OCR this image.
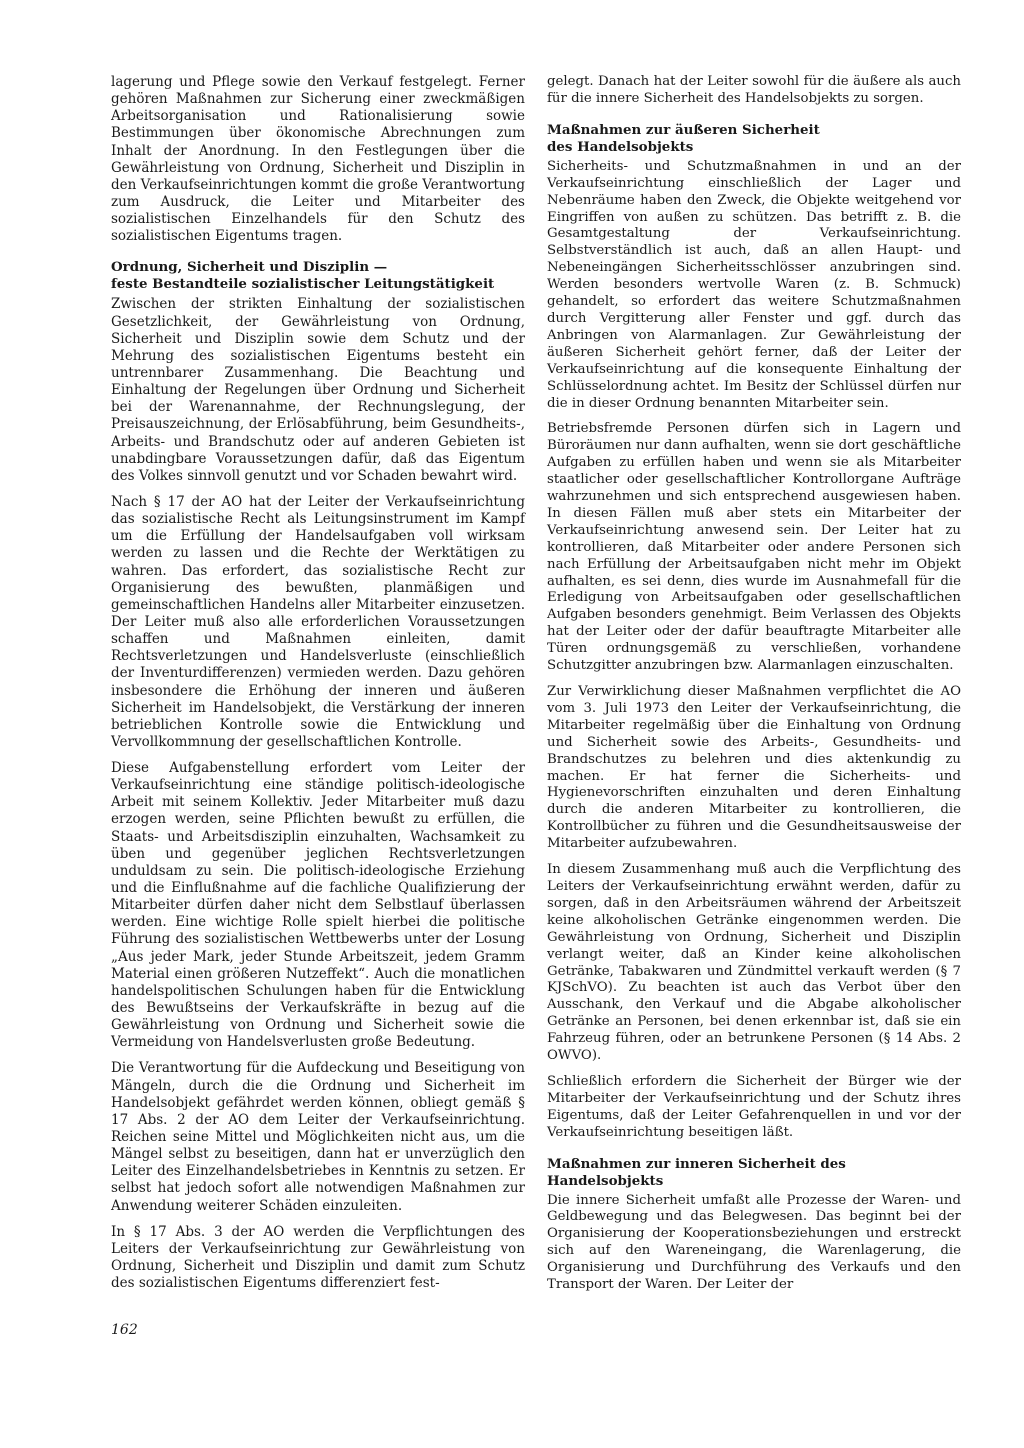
lagerung und Pflege sowie den Verkauf festgelegt. Ferner gehören Maßnahmen zur Sicherung einer zweckmäßigen Arbeitsorganisation und Rationalisierung sowie Bestimmungen über ökonomische Abrechnungen zum Inhalt der Anordnung. In den Festlegungen über die Gewährleistung von Ordnung, Sicherheit und Disziplin in den Verkaufseinrichtungen kommt die große Verantwortung zum Ausdruck, die Leiter und Mitarbeiter des sozialistischen Einzelhandels für den Schutz des sozialistischen Eigentums tragen.

Ordnung, Sicherheit und Disziplin —
feste Bestandteile sozialistischer Leitungstätigkeit

Zwischen der strikten Einhaltung der sozialistischen Gesetzlichkeit, der Gewährleistung von Ordnung, Sicherheit und Disziplin sowie dem Schutz und der Mehrung des sozialistischen Eigentums besteht ein untrennbarer Zusammenhang. Die Beachtung und Einhaltung der Regelungen über Ordnung und Sicherheit bei der Warenannahme, der Rechnungslegung, der Preisauszeichnung, der Erlösabführung, beim Gesundheits-, Arbeits- und Brandschutz oder auf anderen Gebieten ist unabdingbare Voraussetzungen dafür, daß das Eigentum des Volkes sinnvoll genutzt und vor Schaden bewahrt wird.

Nach § 17 der AO hat der Leiter der Verkaufseinrichtung das sozialistische Recht als Leitungsinstrument im Kampf um die Erfüllung der Handelsaufgaben voll wirksam werden zu lassen und die Rechte der Werktätigen zu wahren. Das erfordert, das sozialistische Recht zur Organisierung des bewußten, planmäßigen und gemeinschaftlichen Handelns aller Mitarbeiter einzusetzen. Der Leiter muß also alle erforderlichen Voraussetzungen schaffen und Maßnahmen einleiten, damit Rechtsverletzungen und Handelsverluste (einschließlich der Inventurdifferenzen) vermieden werden. Dazu gehören insbesondere die Erhöhung der inneren und äußeren Sicherheit im Handelsobjekt, die Verstärkung der inneren betrieblichen Kontrolle sowie die Entwicklung und Vervollkommnung der gesellschaftlichen Kontrolle.

Diese Aufgabenstellung erfordert vom Leiter der Verkaufseinrichtung eine ständige politisch-ideologische Arbeit mit seinem Kollektiv. Jeder Mitarbeiter muß dazu erzogen werden, seine Pflichten bewußt zu erfüllen, die Staats- und Arbeitsdisziplin einzuhalten, Wachsamkeit zu üben und gegenüber jeglichen Rechtsverletzungen unduldsam zu sein. Die politisch-ideologische Erziehung und die Einflußnahme auf die fachliche Qualifizierung der Mitarbeiter dürfen daher nicht dem Selbstlauf überlassen werden. Eine wichtige Rolle spielt hierbei die politische Führung des sozialistischen Wettbewerbs unter der Losung „Aus jeder Mark, jeder Stunde Arbeitszeit, jedem Gramm Material einen größeren Nutzeffekt“. Auch die monatlichen handelspolitischen Schulungen haben für die Entwicklung des Bewußtseins der Verkaufskräfte in bezug auf die Gewährleistung von Ordnung und Sicherheit sowie die Vermeidung von Handelsverlusten große Bedeutung.

Die Verantwortung für die Aufdeckung und Beseitigung von Mängeln, durch die die Ordnung und Sicherheit im Handelsobjekt gefährdet werden können, obliegt gemäß § 17 Abs. 2 der AO dem Leiter der Verkaufseinrichtung. Reichen seine Mittel und Möglichkeiten nicht aus, um die Mängel selbst zu beseitigen, dann hat er unverzüglich den Leiter des Einzelhandelsbetriebes in Kenntnis zu setzen. Er selbst hat jedoch sofort alle notwendigen Maßnahmen zur Anwendung weiterer Schäden einzuleiten.

In § 17 Abs. 3 der AO werden die Verpflichtungen des Leiters der Verkaufseinrichtung zur Gewährleistung von Ordnung, Sicherheit und Disziplin und damit zum Schutz des sozialistischen Eigentums differenziert fest-

gelegt. Danach hat der Leiter sowohl für die äußere als auch für die innere Sicherheit des Handelsobjekts zu sorgen.

Maßnahmen zur äußeren Sicherheit
des Handelsobjekts

Sicherheits- und Schutzmaßnahmen in und an der Verkaufseinrichtung einschließlich der Lager und Nebenräume haben den Zweck, die Objekte weitgehend vor Eingriffen von außen zu schützen. Das betrifft z. B. die Gesamtgestaltung der Verkaufseinrichtung. Selbstverständlich ist auch, daß an allen Haupt- und Nebeneingängen Sicherheitsschlösser anzubringen sind. Werden besonders wertvolle Waren (z. B. Schmuck) gehandelt, so erfordert das weitere Schutzmaßnahmen durch Vergitterung aller Fenster und ggf. durch das Anbringen von Alarmanlagen. Zur Gewährleistung der äußeren Sicherheit gehört ferner, daß der Leiter der Verkaufseinrichtung auf die konsequente Einhaltung der Schlüsselordnung achtet. Im Besitz der Schlüssel dürfen nur die in dieser Ordnung benannten Mitarbeiter sein.

Betriebsfremde Personen dürfen sich in Lagern und Büroräumen nur dann aufhalten, wenn sie dort geschäftliche Aufgaben zu erfüllen haben und wenn sie als Mitarbeiter staatlicher oder gesellschaftlicher Kontrollorgane Aufträge wahrzunehmen und sich entsprechend ausgewiesen haben. In diesen Fällen muß aber stets ein Mitarbeiter der Verkaufseinrichtung anwesend sein. Der Leiter hat zu kontrollieren, daß Mitarbeiter oder andere Personen sich nach Erfüllung der Arbeitsaufgaben nicht mehr im Objekt aufhalten, es sei denn, dies wurde im Ausnahmefall für die Erledigung von Arbeitsaufgaben oder gesellschaftlichen Aufgaben besonders genehmigt. Beim Verlassen des Objekts hat der Leiter oder der dafür beauftragte Mitarbeiter alle Türen ordnungsgemäß zu verschließen, vorhandene Schutzgitter anzubringen bzw. Alarmanlagen einzuschalten.

Zur Verwirklichung dieser Maßnahmen verpflichtet die AO vom 3. Juli 1973 den Leiter der Verkaufseinrichtung, die Mitarbeiter regelmäßig über die Einhaltung von Ordnung und Sicherheit sowie des Arbeits-, Gesundheits- und Brandschutzes zu belehren und dies aktenkundig zu machen. Er hat ferner die Sicherheits- und Hygienevorschriften einzuhalten und deren Einhaltung durch die anderen Mitarbeiter zu kontrollieren, die Kontrollbücher zu führen und die Gesundheitsausweise der Mitarbeiter aufzubewahren.

In diesem Zusammenhang muß auch die Verpflichtung des Leiters der Verkaufseinrichtung erwähnt werden, dafür zu sorgen, daß in den Arbeitsräumen während der Arbeitszeit keine alkoholischen Getränke eingenommen werden. Die Gewährleistung von Ordnung, Sicherheit und Disziplin verlangt weiter, daß an Kinder keine alkoholischen Getränke, Tabakwaren und Zündmittel verkauft werden (§ 7 KJSchVO). Zu beachten ist auch das Verbot über den Ausschank, den Verkauf und die Abgabe alkoholischer Getränke an Personen, bei denen erkennbar ist, daß sie ein Fahrzeug führen, oder an betrunkene Personen (§ 14 Abs. 2 OWVO).

Schließlich erfordern die Sicherheit der Bürger wie der Mitarbeiter der Verkaufseinrichtung und der Schutz ihres Eigentums, daß der Leiter Gefahrenquellen in und vor der Verkaufseinrichtung beseitigen läßt.

Maßnahmen zur inneren Sicherheit des Handelsobjekts

Die innere Sicherheit umfaßt alle Prozesse der Waren- und Geldbewegung und das Belegwesen. Das beginnt bei der Organisierung der Kooperationsbeziehungen und erstreckt sich auf den Wareneingang, die Warenlagerung, die Organisierung und Durchführung des Verkaufs und den Transport der Waren. Der Leiter der

162
